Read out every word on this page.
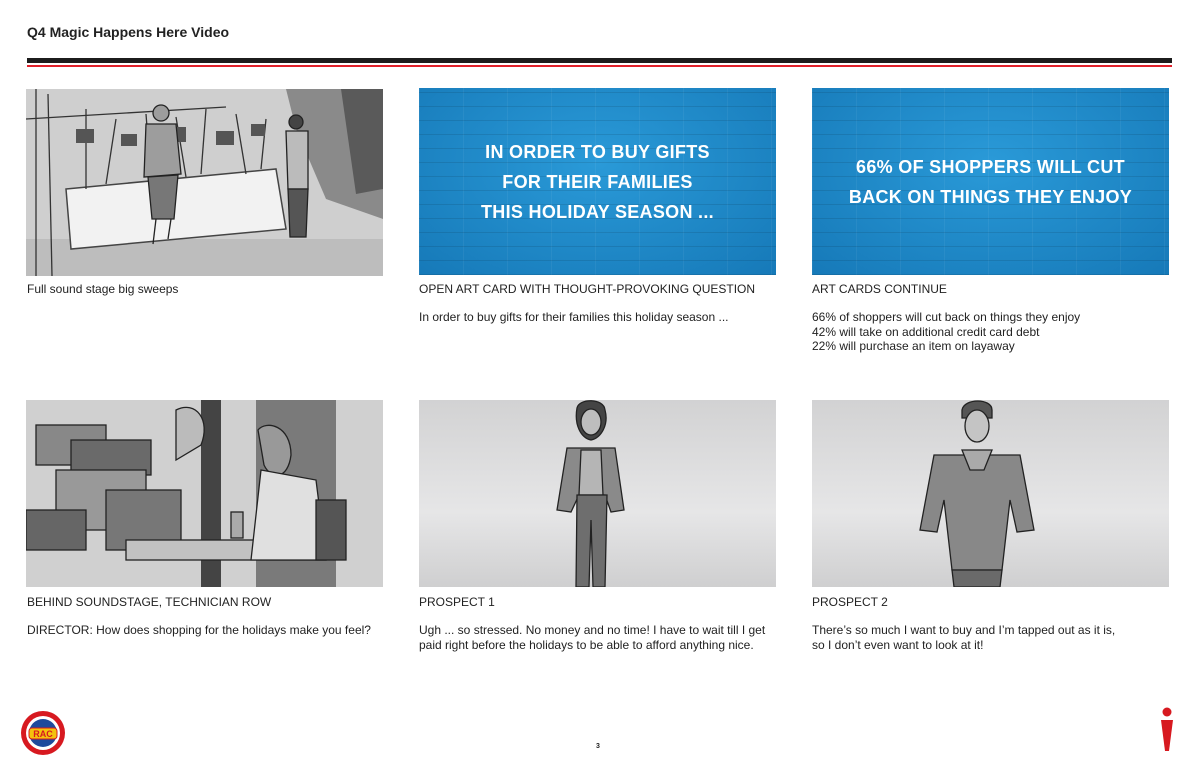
Q4 Magic Happens Here Video
IN ORDER TO BUY GIFTS
FOR THEIR FAMILIES
THIS HOLIDAY SEASON ...
66% OF SHOPPERS WILL CUT
BACK ON THINGS THEY ENJOY
Full sound stage big sweeps	OPEN ART CARD WITH THOUGHT-PROVOKING QUESTION	ART CARDS CONTINUE
In order to buy gifts for their families this holiday season ...	66% of shoppers will cut back on things they enjoy
42% will take on additional credit card debt
22% will purchase an item on layaway
BEHIND SOUNDSTAGE, TECHNICIAN ROW	PROSPECT 1	PROSPECT 2
DIRECTOR: How does shopping for the holidays make you feel?	Ugh ... so stressed. No money and no time! I have to wait till I get
paid right before the holidays to be able to afford anything nice.
There’s so much I want to buy and I’m tapped out as it is,
so I don’t even want to look at it!
RAC
3
